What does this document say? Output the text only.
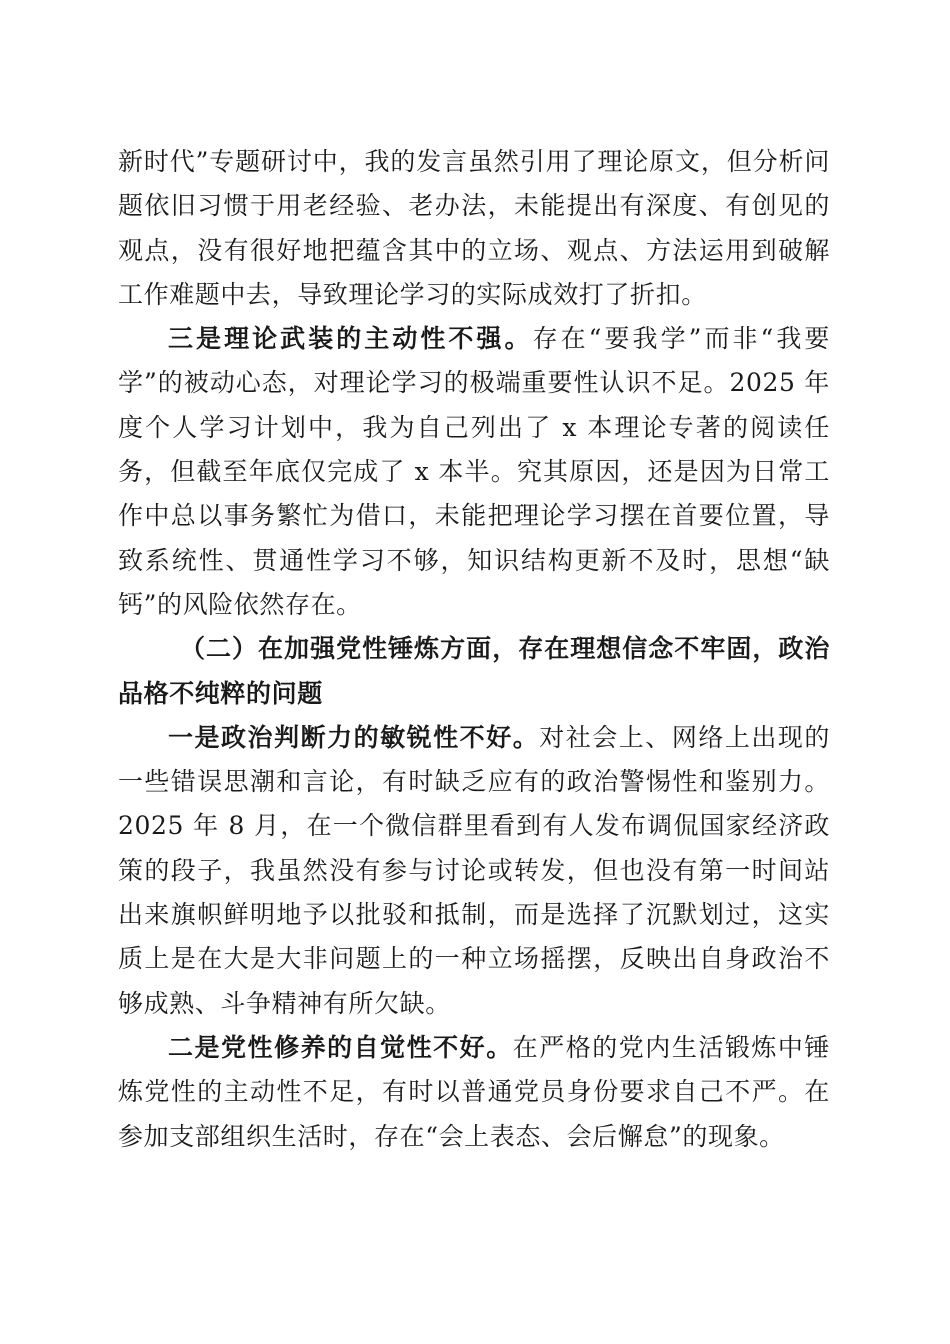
新时代”专题研讨中，我的发言虽然引用了理论原文，但分析问题依旧习惯于用老经验、老办法，未能提出有深度、有创见的观点，没有很好地把蕴含其中的立场、观点、方法运用到破解工作难题中去，导致理论学习的实际成效打了折扣。

三是理论武装的主动性不强。存在“要我学”而非“我要学”的被动心态，对理论学习的极端重要性认识不足。2025 年度个人学习计划中，我为自己列出了 x 本理论专著的阅读任务，但截至年底仅完成了 x 本半。究其原因，还是因为日常工作中总以事务繁忙为借口，未能把理论学习摆在首要位置，导致系统性、贯通性学习不够，知识结构更新不及时，思想“缺钙”的风险依然存在。

（二）在加强党性锤炼方面，存在理想信念不牢固，政治品格不纯粹的问题

一是政治判断力的敏锐性不好。对社会上、网络上出现的一些错误思潮和言论，有时缺乏应有的政治警惕性和鉴别力。2025 年 8 月，在一个微信群里看到有人发布调侃国家经济政策的段子，我虽然没有参与讨论或转发，但也没有第一时间站出来旗帜鲜明地予以批驳和抵制，而是选择了沉默划过，这实质上是在大是大非问题上的一种立场摇摆，反映出自身政治不够成熟、斗争精神有所欠缺。

二是党性修养的自觉性不好。在严格的党内生活锻炼中锤炼党性的主动性不足，有时以普通党员身份要求自己不严。在参加支部组织生活时，存在“会上表态、会后懈怠”的现象。
